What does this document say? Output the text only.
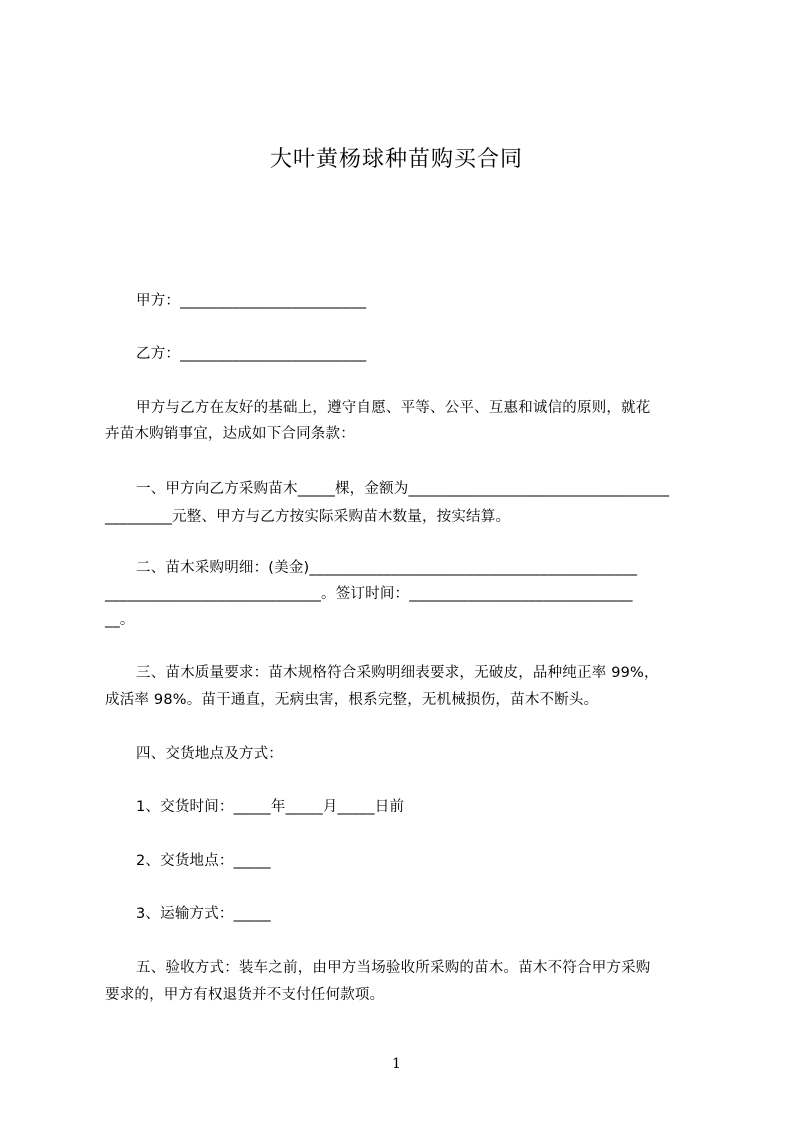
大叶黄杨球种苗购买合同
甲方：_________________________
乙方：_________________________
甲方与乙方在友好的基础上，遵守自愿、平等、公平、互惠和诚信的原则，就花
卉苗木购销事宜，达成如下合同条款：
一、甲方向乙方采购苗木_____棵，金额为___________________________________
_________元整、甲方与乙方按实际采购苗木数量，按实结算。
二、苗木采购明细：(美金)____________________________________________
_____________________________。签订时间：______________________________
__。
三、苗木质量要求：苗木规格符合采购明细表要求，无破皮，品种纯正率 99%，
成活率 98%。苗干通直，无病虫害，根系完整，无机械损伤，苗木不断头。
四、交货地点及方式：
1、交货时间：_____年_____月_____日前
2、交货地点：_____
3、运输方式：_____
五、验收方式：装车之前，由甲方当场验收所采购的苗木。苗木不符合甲方采购
要求的，甲方有权退货并不支付任何款项。
1
